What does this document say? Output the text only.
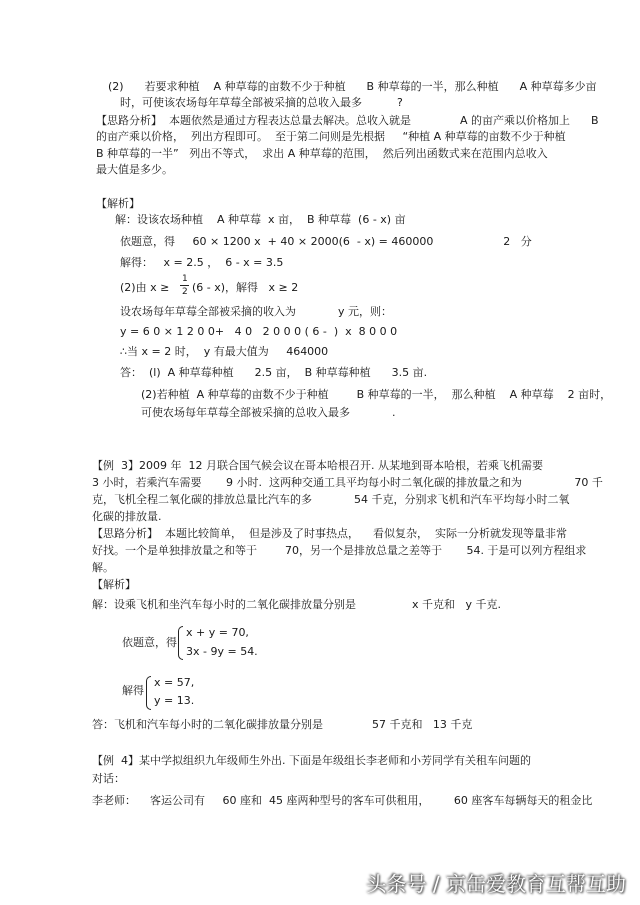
(2)      若要求种植    A 种草莓的亩数不少于种植      B 种草莓的一半，那么种植      A 种草莓多少亩
时，可使该农场每年草莓全部被采摘的总收入最多          ?
【思路分析】  本题依然是通过方程表达总量去解决。总收入就是              A 的亩产乘以价格加上      B
的亩产乘以价格，  列出方程即可。  至于第二问则是先根据     “种植 A 种草莓的亩数不少于种植
B 种草莓的一半”   列出不等式，  求出 A 种草莓的范围，  然后列出函数式来在范围内总收入
最大值是多少。
【解析】
解：设该农场种植    A 种草莓  x 亩，  B 种草莓  (6 - x) 亩
依题意，得     60 × 1200 x  + 40 × 2000(6  - x) = 460000                    2   分
解得：   x = 2.5 ，  6 - x = 3.5
(2)由 x ≥
1
2 (6 - x)，解得   x ≥ 2
设农场每年草莓全部被采摘的收入为            y 元，则：
y = 6 0 × 1 2 0 0+   4 0   2 0 0 0 ( 6 -  )  x  8 0 0 0
∴当 x = 2 时，  y 有最大值为     464000
答：  (l)  A 种草莓种植      2.5 亩，  B 种草莓种植      3.5 亩.
(2)若种植  A 种草莓的亩数不少于种植        B 种草莓的一半，  那么种植    A 种草莓    2 亩时，
可使农场每年草莓全部被采摘的总收入最多            .
【例  3】2009 年  12 月联合国气候会议在哥本哈根召开. 从某地到哥本哈根，若乘飞机需要
3 小时，若乘汽车需要       9 小时.  这两种交通工具平均每小时二氧化碳的排放量之和为               70 千
克，飞机全程二氧化碳的排放总量比汽车的多            54 千克，分别求飞机和汽车平均每小时二氧
化碳的排放量.
【思路分析】  本题比较简单，  但是涉及了时事热点，    看似复杂，  实际一分析就发现等量非常
好找。一个是单独排放量之和等于        70，另一个是排放总量之差等于       54. 于是可以列方程组求
解。
【解析】
解：设乘飞机和坐汽车每小时的二氧化碳排放量分别是                x 千克和   y 千克.
依题意，得
x + y = 70,
3x - 9y = 54.
解得
x = 57,
y = 13.
答：飞机和汽车每小时的二氧化碳排放量分别是              57 千克和   13 千克
【例  4】某中学拟组织九年级师生外出. 下面是年级组长李老师和小芳同学有关租车问题的
对话：
李老师：    客运公司有     60 座和  45 座两种型号的客车可供租用，       60 座客车每辆每天的租金比
头条号 / 京缶爱教育互帮互助
